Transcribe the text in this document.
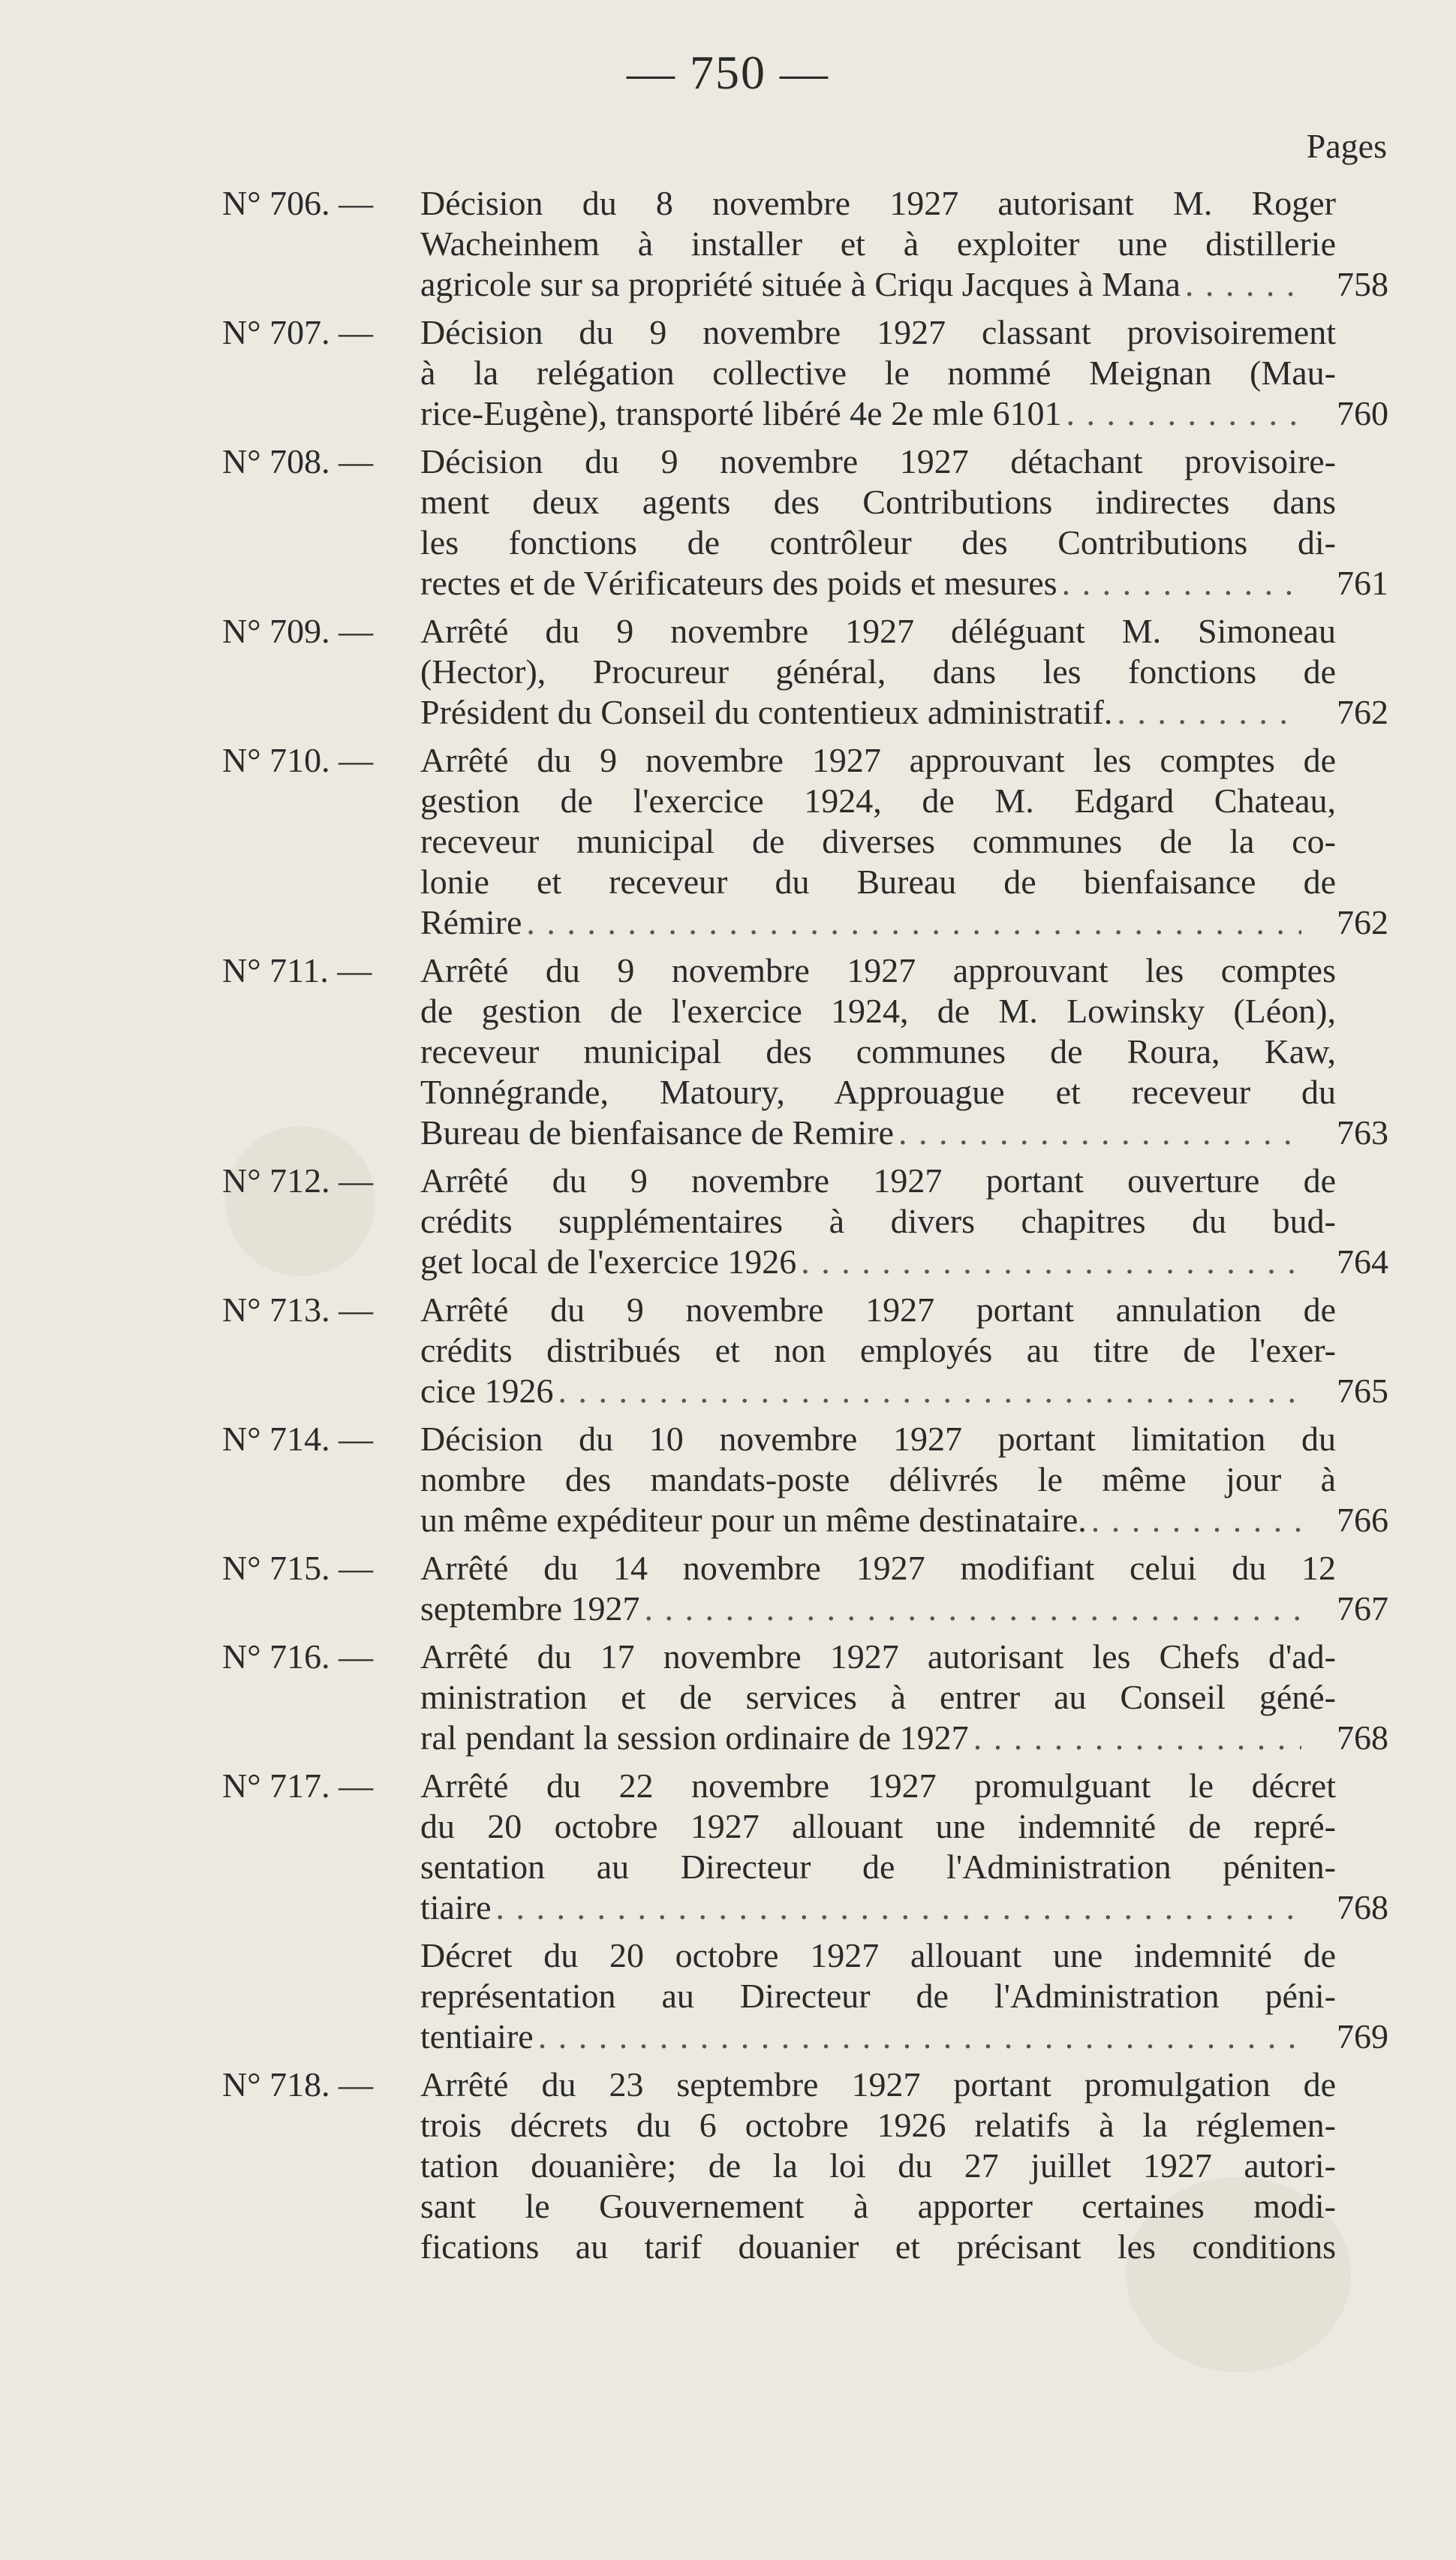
— 750 —
Pages
N° 706. —	Décision du 8 novembre 1927 autorisant M. Roger
Wacheinhem à installer et à exploiter une distillerie
agricole sur sa propriété située à Criqu Jacques à Mana . . .	758
N° 707. —	Décision du 9 novembre 1927 classant provisoirement
à la relégation collective le nommé Meignan (Mau-
rice-Eugène), transporté libéré 4e 2e mle 6101 . . .	760
N° 708. —	Décision du 9 novembre 1927 détachant provisoire-
ment deux agents des Contributions indirectes dans
les fonctions de contrôleur des Contributions di-
rectes et de Vérificateurs des poids et mesures . . .	761
N° 709. —	Arrêté du 9 novembre 1927 déléguant M. Simoneau
(Hector), Procureur général, dans les fonctions de
Président du Conseil du contentieux administratif. . . .	762
N° 710. —	Arrêté du 9 novembre 1927 approuvant les comptes de
gestion de l'exercice 1924, de M. Edgard Chateau,
receveur municipal de diverses communes de la co-
lonie et receveur du Bureau de bienfaisance de
Rémire . . .	762
N° 711. —	Arrêté du 9 novembre 1927 approuvant les comptes
de gestion de l'exercice 1924, de M. Lowinsky (Léon),
receveur municipal des communes de Roura, Kaw,
Tonnégrande, Matoury, Approuague et receveur du
Bureau de bienfaisance de Remire . . .	763
N° 712. —	Arrêté du 9 novembre 1927 portant ouverture de
crédits supplémentaires à divers chapitres du bud-
get local de l'exercice 1926 . . .	764
N° 713. —	Arrêté du 9 novembre 1927 portant annulation de
crédits distribués et non employés au titre de l'exer-
cice 1926 . . .	765
N° 714. —	Décision du 10 novembre 1927 portant limitation du
nombre des mandats-poste délivrés le même jour à
un même expéditeur pour un même destinataire. . . .	766
N° 715. —	Arrêté du 14 novembre 1927 modifiant celui du 12
septembre 1927 . . .	767
N° 716. —	Arrêté du 17 novembre 1927 autorisant les Chefs d'ad-
ministration et de services à entrer au Conseil géné-
ral pendant la session ordinaire de 1927 . . .	768
N° 717. —	Arrêté du 22 novembre 1927 promulguant le décret
du 20 octobre 1927 allouant une indemnité de repré-
sentation au Directeur de l'Administration péniten-
tiaire . . .	768
Décret du 20 octobre 1927 allouant une indemnité de
représentation au Directeur de l'Administration péni-
tentiaire . . .	769
N° 718. —	Arrêté du 23 septembre 1927 portant promulgation de
trois décrets du 6 octobre 1926 relatifs à la réglemen-
tation douanière; de la loi du 27 juillet 1927 autori-
sant le Gouvernement à apporter certaines modi-
fications au tarif douanier et précisant les conditions
